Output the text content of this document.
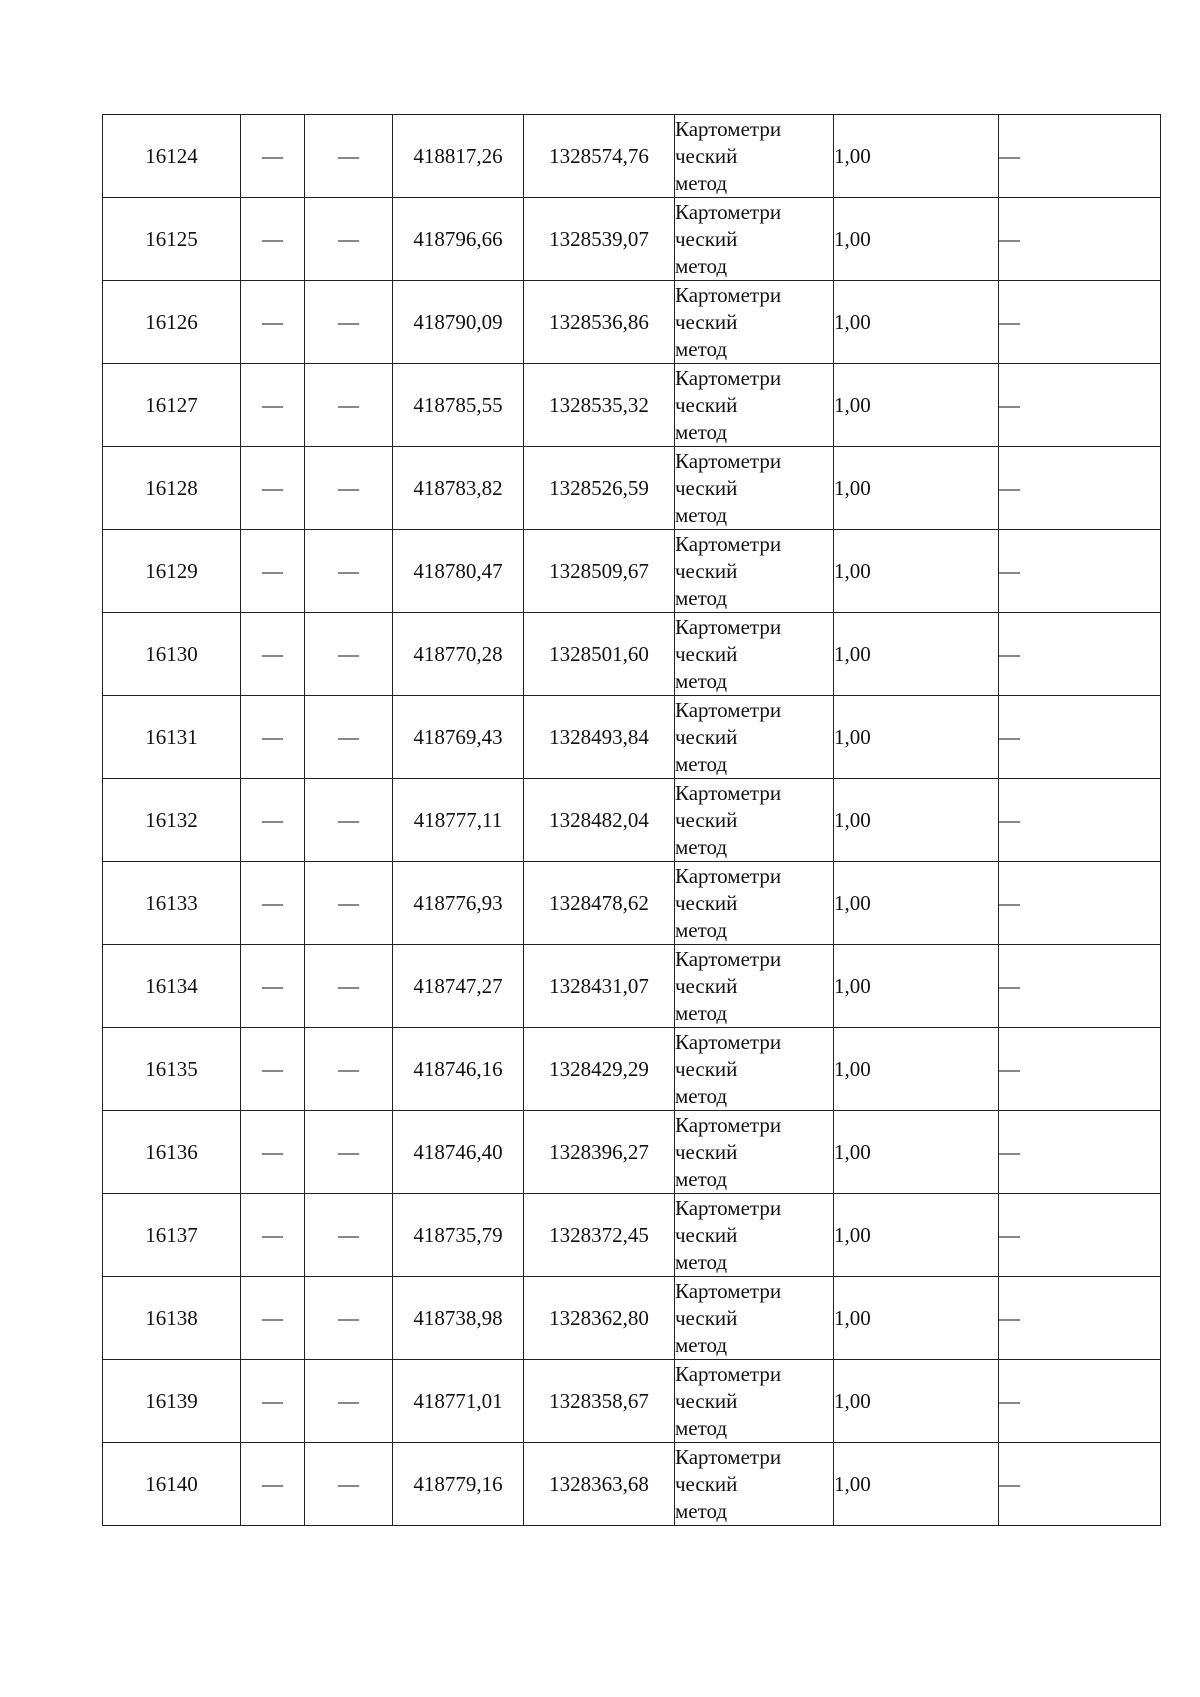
16124	—	—	418817,26	1328574,76	Картометри
ческий
метод	1,00	—
16125	—	—	418796,66	1328539,07	Картометри
ческий
метод	1,00	—
16126	—	—	418790,09	1328536,86	Картометри
ческий
метод	1,00	—
16127	—	—	418785,55	1328535,32	Картометри
ческий
метод	1,00	—
16128	—	—	418783,82	1328526,59	Картометри
ческий
метод	1,00	—
16129	—	—	418780,47	1328509,67	Картометри
ческий
метод	1,00	—
16130	—	—	418770,28	1328501,60	Картометри
ческий
метод	1,00	—
16131	—	—	418769,43	1328493,84	Картометри
ческий
метод	1,00	—
16132	—	—	418777,11	1328482,04	Картометри
ческий
метод	1,00	—
16133	—	—	418776,93	1328478,62	Картометри
ческий
метод	1,00	—
16134	—	—	418747,27	1328431,07	Картометри
ческий
метод	1,00	—
16135	—	—	418746,16	1328429,29	Картометри
ческий
метод	1,00	—
16136	—	—	418746,40	1328396,27	Картометри
ческий
метод	1,00	—
16137	—	—	418735,79	1328372,45	Картометри
ческий
метод	1,00	—
16138	—	—	418738,98	1328362,80	Картометри
ческий
метод	1,00	—
16139	—	—	418771,01	1328358,67	Картометри
ческий
метод	1,00	—
16140	—	—	418779,16	1328363,68	Картометри
ческий
метод	1,00	—
